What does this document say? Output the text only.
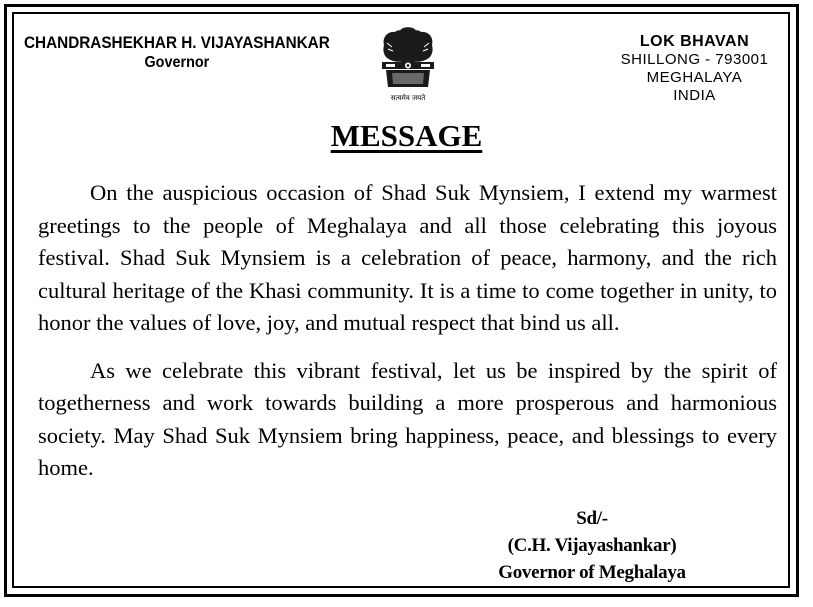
CHANDRASHEKHAR H. VIJAYASHANKAR
Governor
सत्यमेव जयते
LOK BHAVAN
SHILLONG - 793001
MEGHALAYA
INDIA
MESSAGE

On the auspicious occasion of Shad Suk Mynsiem, I extend my warmest greetings to the people of Meghalaya and all those celebrating this joyous festival. Shad Suk Mynsiem is a celebration of peace, harmony, and the rich cultural heritage of the Khasi community. It is a time to come together in unity, to honor the values of love, joy, and mutual respect that bind us all.

As we celebrate this vibrant festival, let us be inspired by the spirit of togetherness and work towards building a more prosperous and harmonious society. May Shad Suk Mynsiem bring happiness, peace, and blessings to every home.

Sd/-
(C.H. Vijayashankar)
Governor of Meghalaya
